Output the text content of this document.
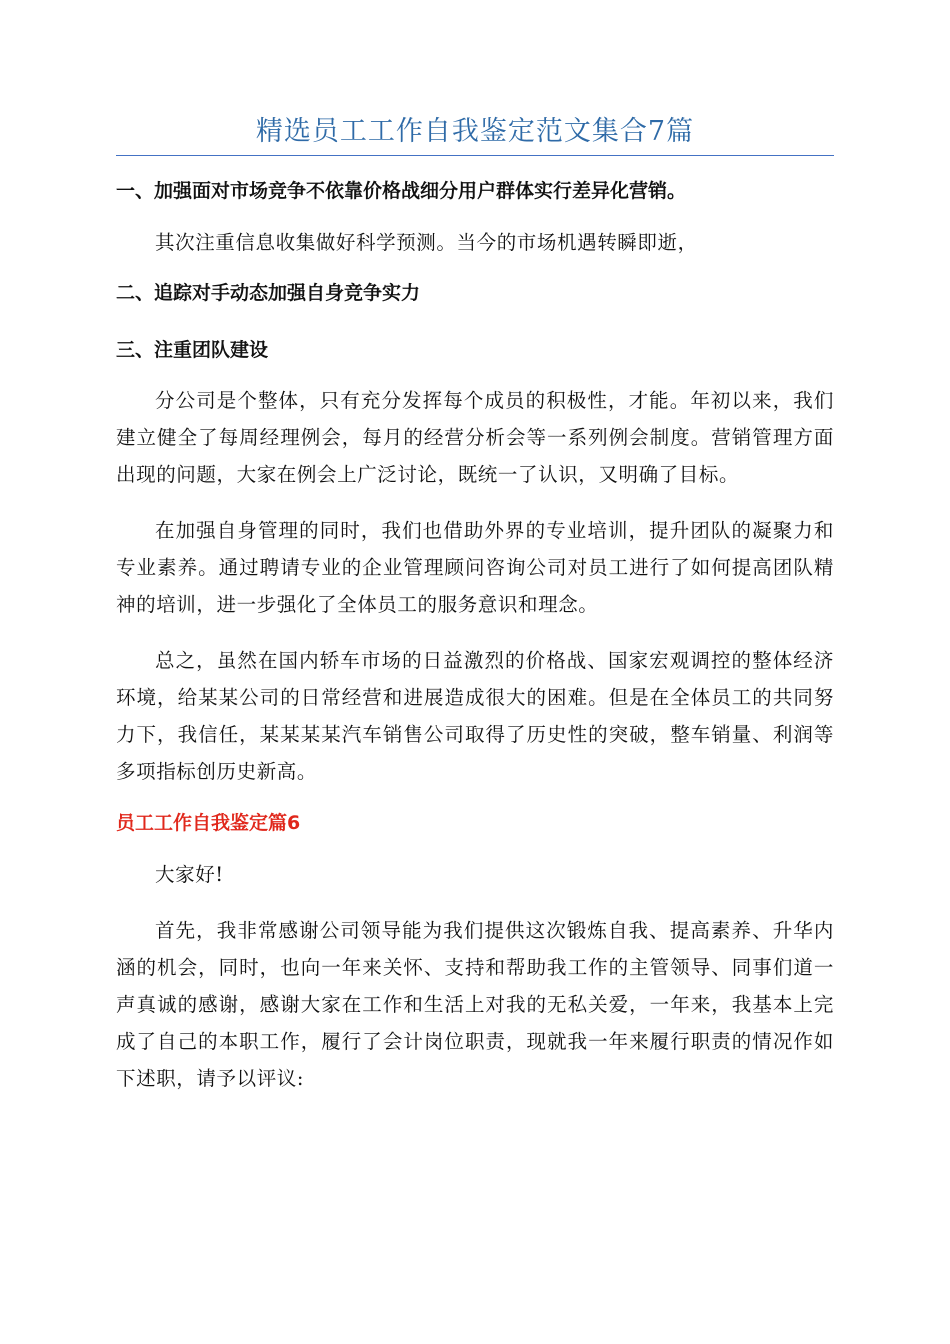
精选员工工作自我鉴定范文集合7篇
一、加强面对市场竞争不依靠价格战细分用户群体实行差异化营销。
其次注重信息收集做好科学预测。当今的市场机遇转瞬即逝，
二、追踪对手动态加强自身竞争实力
三、注重团队建设
分公司是个整体，只有充分发挥每个成员的积极性，才能。年初以来，我们建立健全了每周经理例会，每月的经营分析会等一系列例会制度。营销管理方面出现的问题，大家在例会上广泛讨论，既统一了认识，又明确了目标。
在加强自身管理的同时，我们也借助外界的专业培训，提升团队的凝聚力和专业素养。通过聘请专业的企业管理顾问咨询公司对员工进行了如何提高团队精神的培训，进一步强化了全体员工的服务意识和理念。
总之，虽然在国内轿车市场的日益激烈的价格战、国家宏观调控的整体经济环境，给某某公司的日常经营和进展造成很大的困难。但是在全体员工的共同努力下，我信任，某某某某汽车销售公司取得了历史性的突破，整车销量、利润等多项指标创历史新高。
员工工作自我鉴定篇6
大家好!
首先，我非常感谢公司领导能为我们提供这次锻炼自我、提高素养、升华内涵的机会，同时，也向一年来关怀、支持和帮助我工作的主管领导、同事们道一声真诚的感谢，感谢大家在工作和生活上对我的无私关爱，一年来，我基本上完成了自己的本职工作，履行了会计岗位职责，现就我一年来履行职责的情况作如下述职，请予以评议:
